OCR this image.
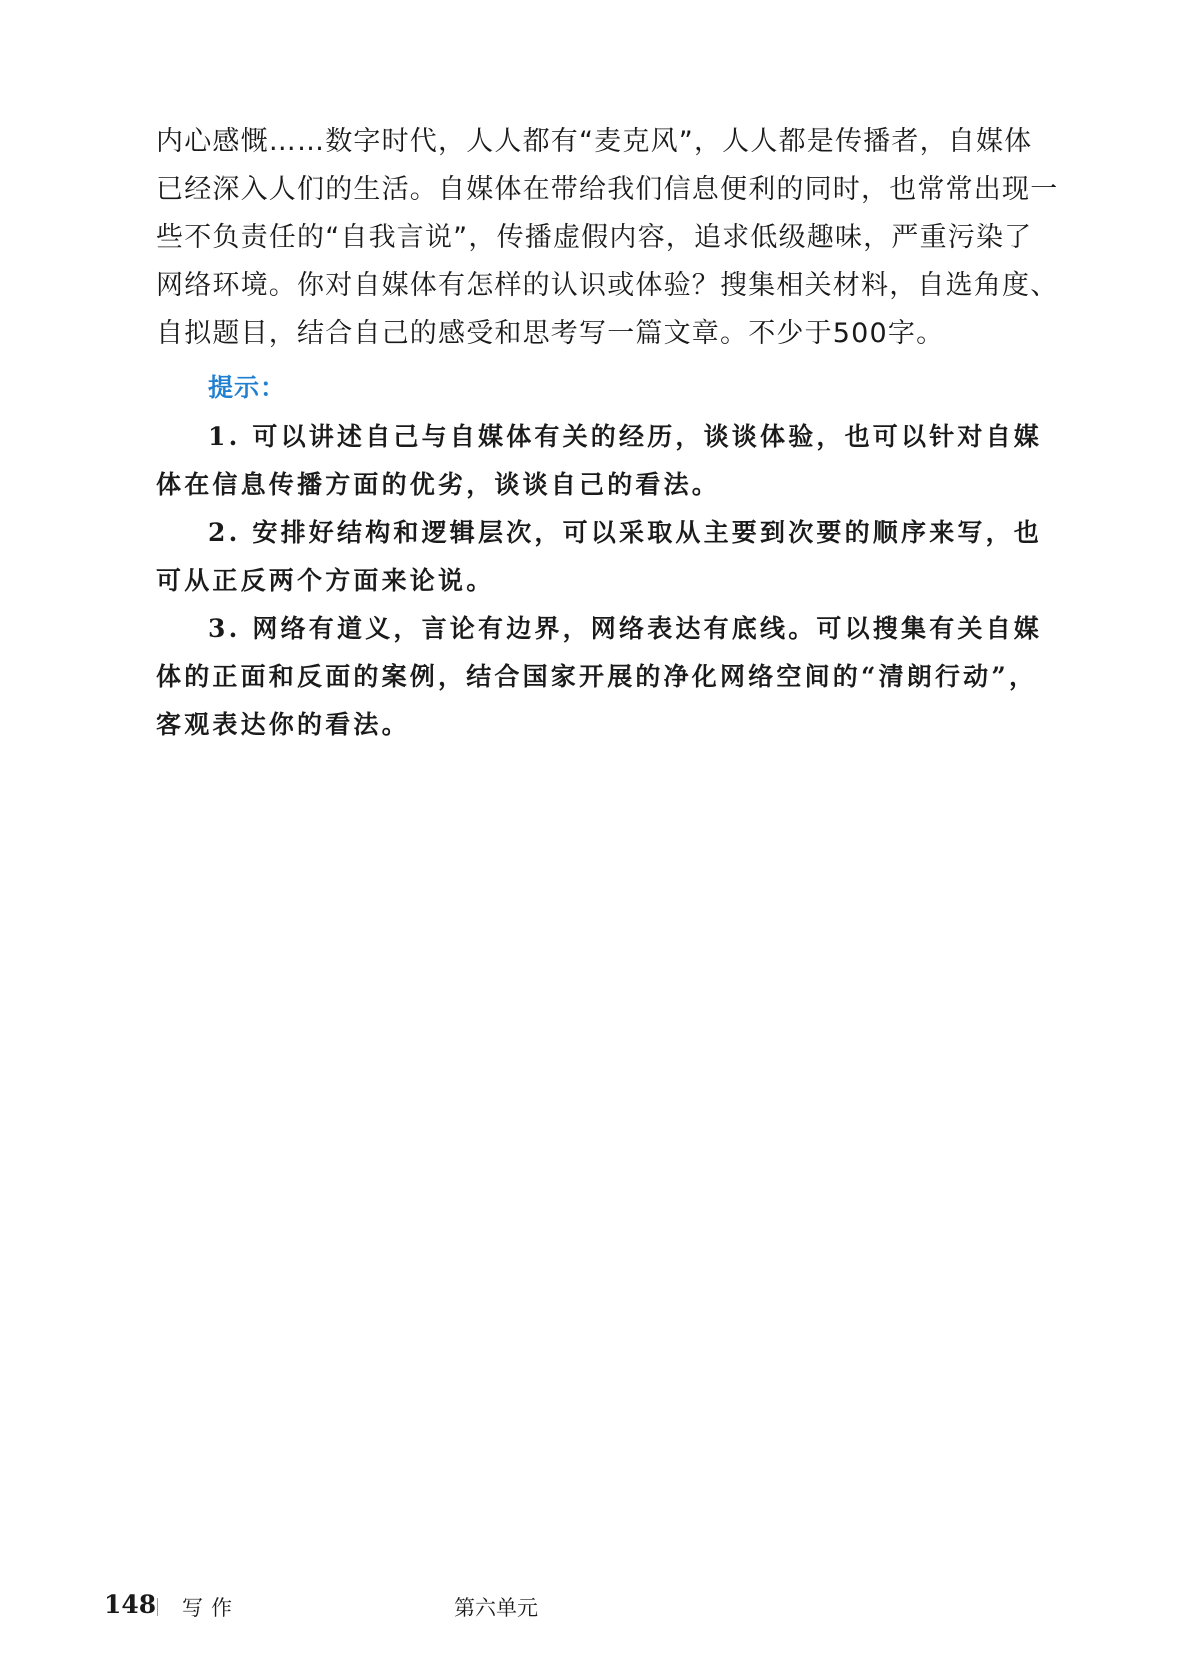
内心感慨……数字时代，人人都有“麦克风”，人人都是传播者，自媒体
已经深入人们的生活。自媒体在带给我们信息便利的同时，也常常出现一
些不负责任的“自我言说”，传播虚假内容，追求低级趣味，严重污染了
网络环境。你对自媒体有怎样的认识或体验？搜集相关材料，自选角度、
自拟题目，结合自己的感受和思考写一篇文章。不少于500字。
提示：
1. 可以讲述自己与自媒体有关的经历，谈谈体验，也可以针对自媒
体在信息传播方面的优劣，谈谈自己的看法。
2. 安排好结构和逻辑层次，可以采取从主要到次要的顺序来写，也
可从正反两个方面来论说。
3. 网络有道义，言论有边界，网络表达有底线。可以搜集有关自媒
体的正面和反面的案例，结合国家开展的净化网络空间的“清朗行动”，
客观表达你的看法。
148 写作	第六单元
